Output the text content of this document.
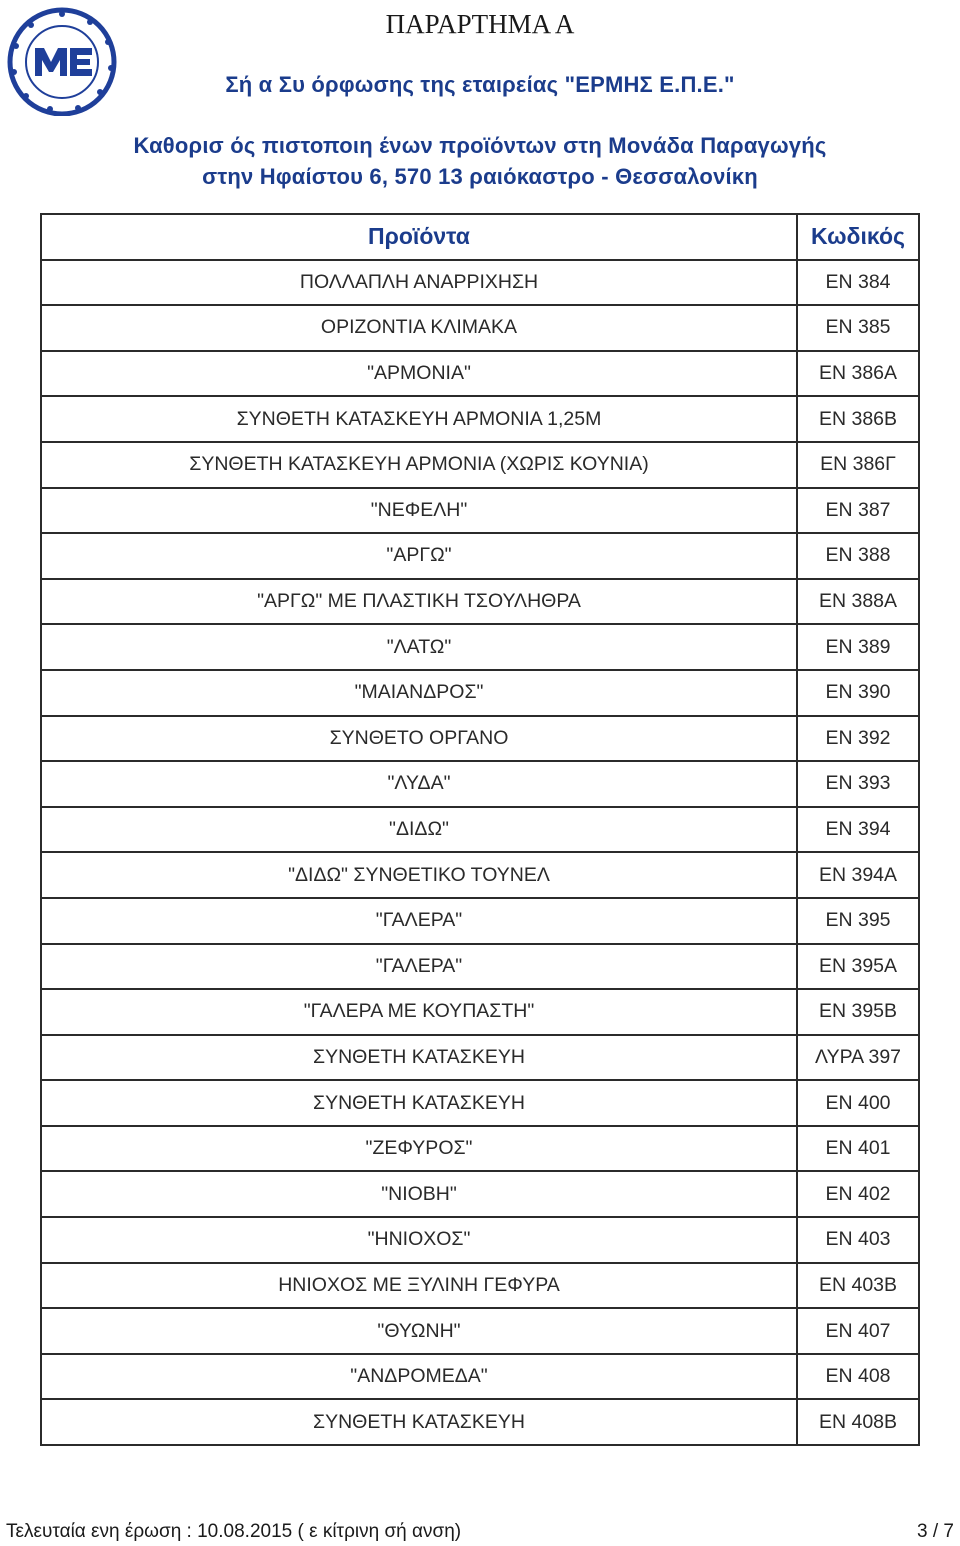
ΠΑΡΑΡΤΗΜΑ Α
Σή α Συ όρφωσης της εταιρείας "ΕΡΜΗΣ Ε.Π.Ε."
Καθορισ ός πιστοποιη ένων προϊόντων στη Μονάδα Παραγωγής
στην Ηφαίστου 6, 570 13 ραιόκαστρο - Θεσσαλονίκη
Προϊόντα	Κωδικός
ΠΟΛΛΑΠΛΗ ΑΝΑΡΡΙΧΗΣΗ	EN 384
ΟΡΙΖΟΝΤΙΑ ΚΛΙΜΑΚΑ	EN 385
"ΑΡΜΟΝΙΑ"	EN 386A
ΣΥΝΘΕΤΗ ΚΑΤΑΣΚΕΥΗ ΑΡΜΟΝΙΑ 1,25Μ	EN 386B
ΣΥΝΘΕΤΗ ΚΑΤΑΣΚΕΥΗ ΑΡΜΟΝΙΑ (ΧΩΡΙΣ ΚΟΥΝΙΑ)	EN 386Γ
"ΝΕΦΕΛΗ"	EN 387
"ΑΡΓΩ"	EN 388
"ΑΡΓΩ" ΜΕ ΠΛΑΣΤΙΚΗ ΤΣΟΥΛΗΘΡΑ	EN 388A
"ΛΑΤΩ"	EN 389
"ΜΑΙΑΝΔΡΟΣ"	EN 390
ΣΥΝΘΕΤΟ ΟΡΓΑΝΟ	EN 392
"ΛΥΔΑ"	EN 393
"ΔΙΔΩ"	EN 394
"ΔΙΔΩ" ΣΥΝΘΕΤΙΚΟ ΤΟΥΝΕΛ	EN 394A
"ΓΑΛΕΡΑ"	EN 395
"ΓΑΛΕΡΑ"	EN 395A
"ΓΑΛΕΡΑ ΜΕ ΚΟΥΠΑΣΤΗ"	EN 395B
ΣΥΝΘΕΤΗ ΚΑΤΑΣΚΕΥΗ	ΛΥΡΑ 397
ΣΥΝΘΕΤΗ ΚΑΤΑΣΚΕΥΗ	EN 400
"ΖΕΦΥΡΟΣ"	EN 401
"ΝΙΟΒΗ"	EN 402
"ΗΝΙΟΧΟΣ"	EN 403
ΗΝΙΟΧΟΣ ΜΕ ΞΥΛΙΝΗ ΓΕΦΥΡΑ	EN 403B
"ΘΥΩΝΗ"	EN 407
"ΑΝΔΡΟΜΕΔΑ"	EN 408
ΣΥΝΘΕΤΗ ΚΑΤΑΣΚΕΥΗ	EN 408B
Τελευταία ενη έρωση : 10.08.2015 ( ε κίτρινη σή ανση)	3 / 7
